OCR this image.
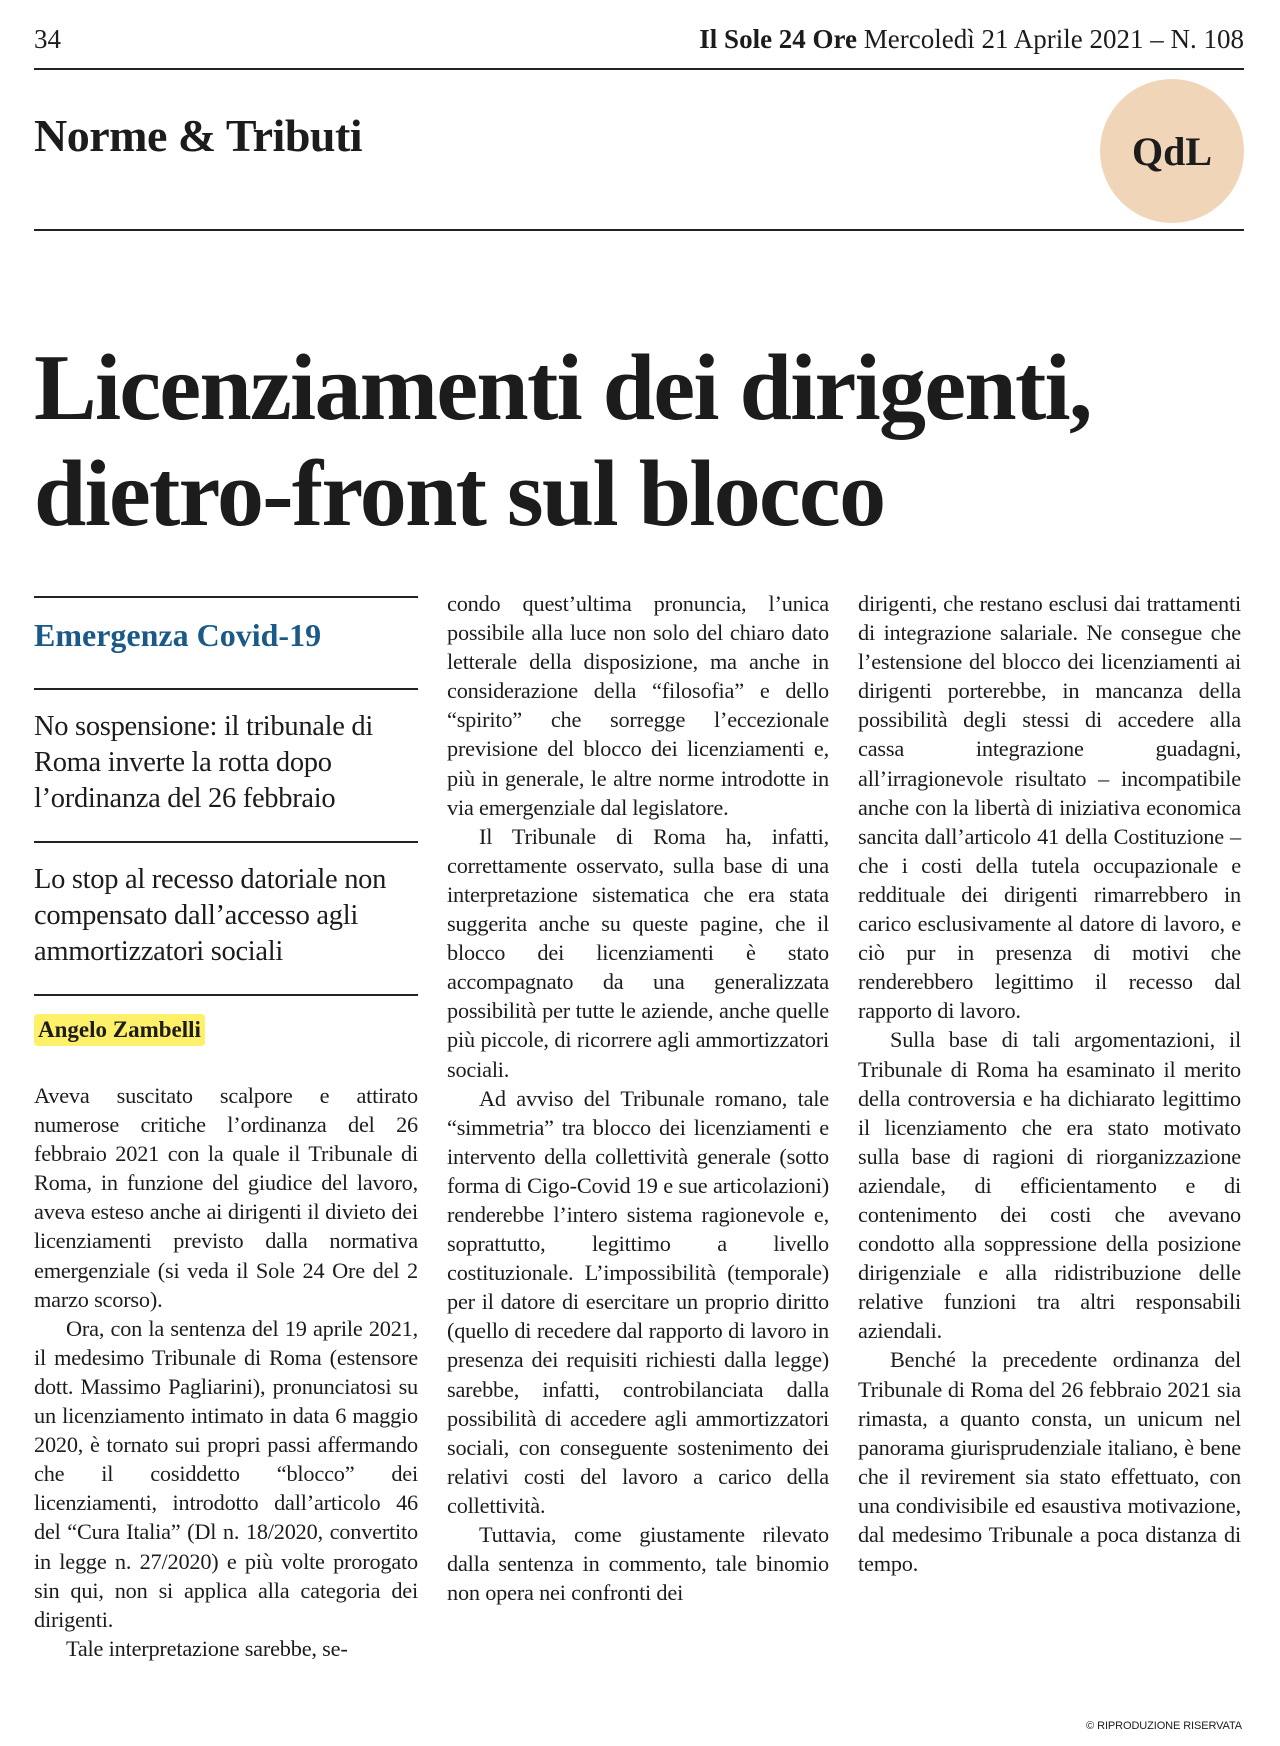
34	Il Sole 24 Ore Mercoledì 21 Aprile 2021 – N. 108
Norme & Tributi	QdL
Licenziamenti dei dirigenti, dietro-front sul blocco
Emergenza Covid-19
No sospensione: il tribunale di Roma inverte la rotta dopo l’ordinanza del 26 febbraio
Lo stop al recesso datoriale non compensato dall’accesso agli ammortizzatori sociali
Angelo Zambelli

Aveva suscitato scalpore e attirato numerose critiche l’ordinanza del 26 febbraio 2021 con la quale il Tribunale di Roma, in funzione del giudice del lavoro, aveva esteso anche ai dirigenti il divieto dei licenziamenti previsto dalla normativa emergenziale (si veda il Sole 24 Ore del 2 marzo scorso).

Ora, con la sentenza del 19 aprile 2021, il medesimo Tribunale di Roma (estensore dott. Massimo Pagliarini), pronunciatosi su un licenziamento intimato in data 6 maggio 2020, è tornato sui propri passi affermando che il cosiddetto “blocco” dei licenziamenti, introdotto dall’articolo 46 del “Cura Italia” (Dl n. 18/2020, convertito in legge n. 27/2020) e più volte prorogato sin qui, non si applica alla categoria dei dirigenti.

Tale interpretazione sarebbe, se-

condo quest’ultima pronuncia, l’unica possibile alla luce non solo del chiaro dato letterale della disposizione, ma anche in considerazione della “filosofia” e dello “spirito” che sorregge l’eccezionale previsione del blocco dei licenziamenti e, più in generale, le altre norme introdotte in via emergenziale dal legislatore.

Il Tribunale di Roma ha, infatti, correttamente osservato, sulla base di una interpretazione sistematica che era stata suggerita anche su queste pagine, che il blocco dei licenziamenti è stato accompagnato da una generalizzata possibilità per tutte le aziende, anche quelle più piccole, di ricorrere agli ammortizzatori sociali.

Ad avviso del Tribunale romano, tale “simmetria” tra blocco dei licenziamenti e intervento della collettività generale (sotto forma di Cigo-Covid 19 e sue articolazioni) renderebbe l’intero sistema ragionevole e, soprattutto, legittimo a livello costituzionale. L’impossibilità (temporale) per il datore di esercitare un proprio diritto (quello di recedere dal rapporto di lavoro in presenza dei requisiti richiesti dalla legge) sarebbe, infatti, controbilanciata dalla possibilità di accedere agli ammortizzatori sociali, con conseguente sostenimento dei relativi costi del lavoro a carico della collettività.

Tuttavia, come giustamente rilevato dalla sentenza in commento, tale binomio non opera nei confronti dei

dirigenti, che restano esclusi dai trattamenti di integrazione salariale. Ne consegue che l’estensione del blocco dei licenziamenti ai dirigenti porterebbe, in mancanza della possibilità degli stessi di accedere alla cassa integrazione guadagni, all’irragionevole risultato – incompatibile anche con la libertà di iniziativa economica sancita dall’articolo 41 della Costituzione – che i costi della tutela occupazionale e reddituale dei dirigenti rimarrebbero in carico esclusivamente al datore di lavoro, e ciò pur in presenza di motivi che renderebbero legittimo il recesso dal rapporto di lavoro.

Sulla base di tali argomentazioni, il Tribunale di Roma ha esaminato il merito della controversia e ha dichiarato legittimo il licenziamento che era stato motivato sulla base di ragioni di riorganizzazione aziendale, di efficientamento e di contenimento dei costi che avevano condotto alla soppressione della posizione dirigenziale e alla ridistribuzione delle relative funzioni tra altri responsabili aziendali.

Benché la precedente ordinanza del Tribunale di Roma del 26 febbraio 2021 sia rimasta, a quanto consta, un unicum nel panorama giurisprudenziale italiano, è bene che il revirement sia stato effettuato, con una condivisibile ed esaustiva motivazione, dal medesimo Tribunale a poca distanza di tempo.

© RIPRODUZIONE RISERVATA
